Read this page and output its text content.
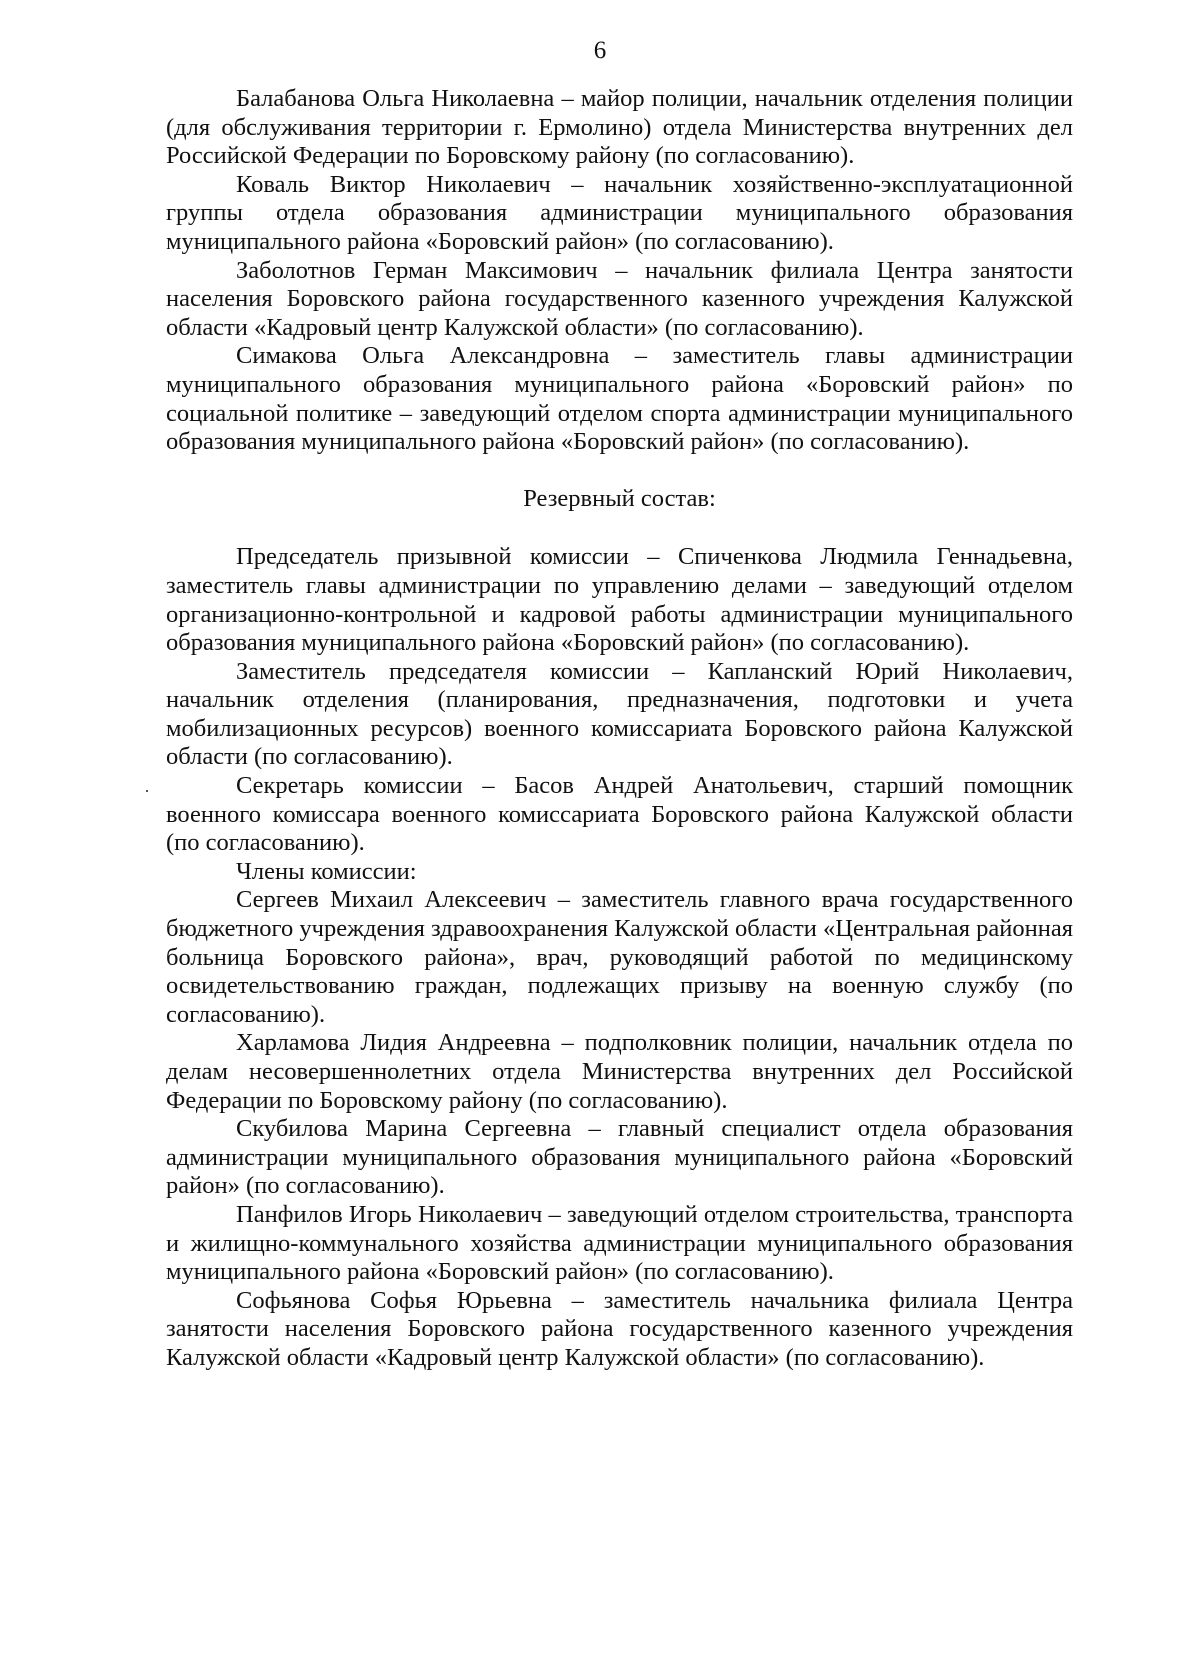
6

Балабанова Ольга Николаевна – майор полиции, начальник отделения полиции (для обслуживания территории г. Ермолино) отдела Министерства внутренних дел Российской Федерации по Боровскому району (по согласованию).

Коваль Виктор Николаевич – начальник хозяйственно-эксплуатационной группы отдела образования администрации муниципального образования муниципального района «Боровский район» (по согласованию).

Заболотнов Герман Максимович – начальник филиала Центра занятости населения Боровского района государственного казенного учреждения Калужской области «Кадровый центр Калужской области» (по согласованию).

Симакова Ольга Александровна – заместитель главы администрации муниципального образования муниципального района «Боровский район» по социальной политике – заведующий отделом спорта администрации муниципального образования муниципального района «Боровский район» (по согласованию).

Резервный состав:

Председатель призывной комиссии – Спиченкова Людмила Геннадьевна, заместитель главы администрации по управлению делами – заведующий отделом организационно-контрольной и кадровой работы администрации муниципального образования муниципального района «Боровский район» (по согласованию).

Заместитель председателя комиссии – Капланский Юрий Николаевич, начальник отделения (планирования, предназначения, подготовки и учета мобилизационных ресурсов) военного комиссариата Боровского района Калужской области (по согласованию).

Секретарь комиссии – Басов Андрей Анатольевич, старший помощник военного комиссара военного комиссариата Боровского района Калужской области (по согласованию).

Члены комиссии:

Сергеев Михаил Алексеевич – заместитель главного врача государственного бюджетного учреждения здравоохранения Калужской области «Центральная районная больница Боровского района», врач, руководящий работой по медицинскому освидетельствованию граждан, подлежащих призыву на военную службу (по согласованию).

Харламова Лидия Андреевна – подполковник полиции, начальник отдела по делам несовершеннолетних отдела Министерства внутренних дел Российской Федерации по Боровскому району (по согласованию).

Скубилова Марина Сергеевна – главный специалист отдела образования администрации муниципального образования муниципального района «Боровский район» (по согласованию).

Панфилов Игорь Николаевич – заведующий отделом строительства, транспорта и жилищно-коммунального хозяйства администрации муниципального образования муниципального района «Боровский район» (по согласованию).

Софьянова Софья Юрьевна – заместитель начальника филиала Центра занятости населения Боровского района государственного казенного учреждения Калужской области «Кадровый центр Калужской области» (по согласованию).
